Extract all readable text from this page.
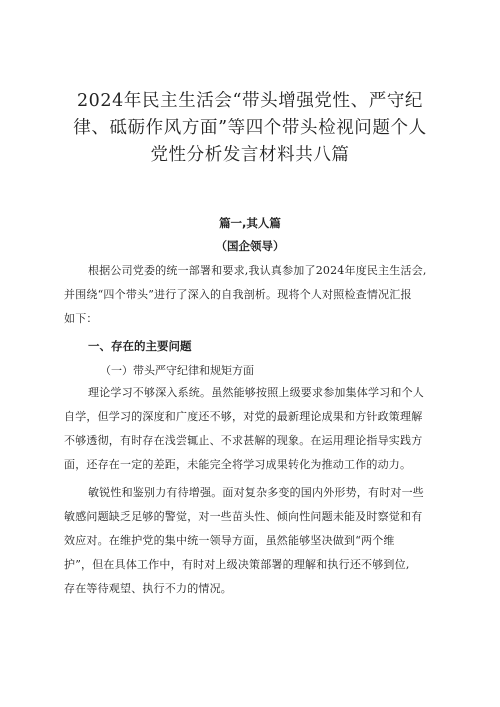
2024年民主生活会“带头增强党性、严守纪
律、砥砺作风方面”等四个带头检视问题个人
党性分析发言材料共八篇
篇一,其人篇
（国企领导）
根据公司党委的统一部署和要求,我认真参加了2024年度民主生活会,
并围绕“四个带头”进行了深入的自我剖析。现将个人对照检查情况汇报
如下：
一、存在的主要问题
（一）带头严守纪律和规矩方面
理论学习不够深入系统。虽然能够按照上级要求参加集体学习和个人
自学，但学习的深度和广度还不够，对党的最新理论成果和方针政策理解
不够透彻，有时存在浅尝辄止、不求甚解的现象。在运用理论指导实践方
面，还存在一定的差距，未能完全将学习成果转化为推动工作的动力。
敏锐性和鉴别力有待增强。面对复杂多变的国内外形势，有时对一些
敏感问题缺乏足够的警觉，对一些苗头性、倾向性问题未能及时察觉和有
效应对。在维护党的集中统一领导方面，虽然能够坚决做到“两个维
护”，但在具体工作中，有时对上级决策部署的理解和执行还不够到位,
存在等待观望、执行不力的情况。
